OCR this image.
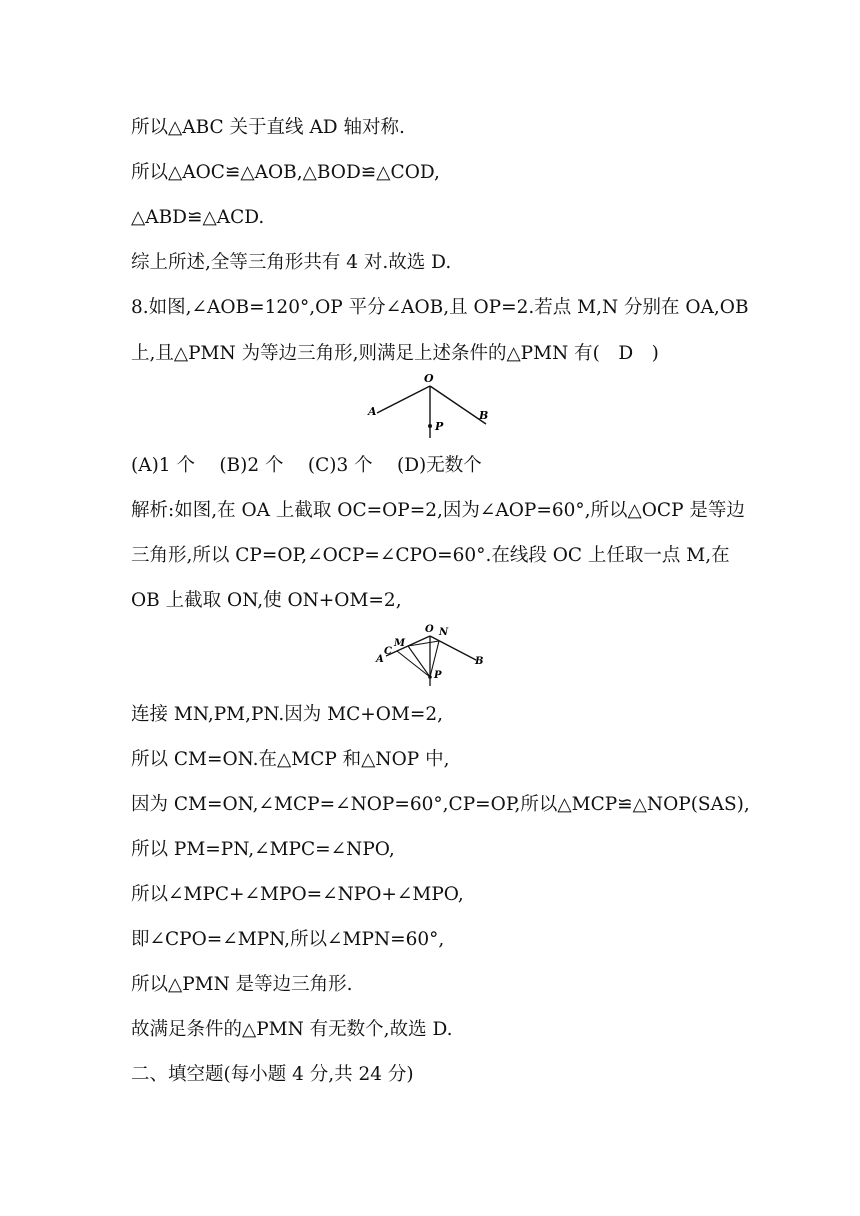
所以△ABC 关于直线 AD 轴对称.
所以△AOC≌△AOB,△BOD≌△COD,
△ABD≌△ACD.
综上所述,全等三角形共有 4 对.故选 D.
8.如图,∠AOB=120°,OP 平分∠AOB,且 OP=2.若点 M,N 分别在 OA,OB
上,且△PMN 为等边三角形,则满足上述条件的△PMN 有(　D　)
O
A	B
P
(A)1 个　 (B)2 个　 (C)3 个　 (D)无数个
解析:如图,在 OA 上截取 OC=OP=2,因为∠AOP=60°,所以△OCP 是等边
三角形,所以 CP=OP,∠OCP=∠CPO=60°.在线段 OC 上任取一点 M,在
OB 上截取 ON,使 ON+OM=2,
O N
M
C
A	B
P
连接 MN,PM,PN.因为 MC+OM=2,
所以 CM=ON.在△MCP 和△NOP 中,
因为 CM=ON,∠MCP=∠NOP=60°,CP=OP,所以△MCP≌△NOP(SAS),
所以 PM=PN,∠MPC=∠NPO,
所以∠MPC+∠MPO=∠NPO+∠MPO,
即∠CPO=∠MPN,所以∠MPN=60°,
所以△PMN 是等边三角形.
故满足条件的△PMN 有无数个,故选 D.
二、填空题(每小题 4 分,共 24 分)
